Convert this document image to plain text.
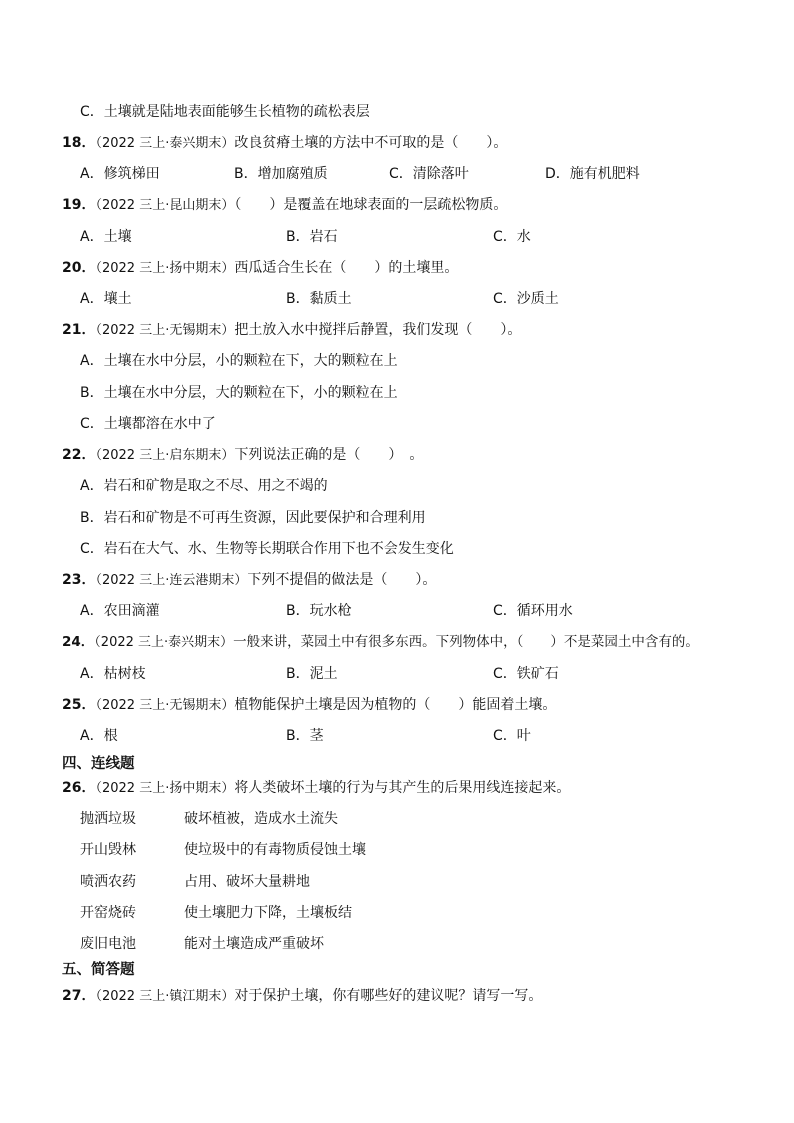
C．土壤就是陆地表面能够生长植物的疏松表层
18．（2022 三上·泰兴期末）改良贫瘠土壤的方法中不可取的是（　　）。
A．修筑梯田	B．增加腐殖质	C．清除落叶	D．施有机肥料
19．（2022 三上·昆山期末）（　　）是覆盖在地球表面的一层疏松物质。
A．土壤	B．岩石	C．水
20．（2022 三上·扬中期末）西瓜适合生长在（　　）的土壤里。
A．壤土	B．黏质土	C．沙质土
21．（2022 三上·无锡期末）把土放入水中搅拌后静置，我们发现（　　）。
A．土壤在水中分层，小的颗粒在下，大的颗粒在上
B．土壤在水中分层，大的颗粒在下，小的颗粒在上
C．土壤都溶在水中了
22．（2022 三上·启东期末）下列说法正确的是（　　）　。
A．岩石和矿物是取之不尽、用之不竭的
B．岩石和矿物是不可再生资源，因此要保护和合理利用
C．岩石在大气、水、生物等长期联合作用下也不会发生变化
23．（2022 三上·连云港期末）下列不提倡的做法是（　　）。
A．农田滴灌	B．玩水枪	C．循环用水
24．（2022 三上·泰兴期末）一般来讲，菜园土中有很多东西。下列物体中，（　　）不是菜园土中含有的。
A．枯树枝	B．泥土	C．铁矿石
25．（2022 三上·无锡期末）植物能保护土壤是因为植物的（　　）能固着土壤。
A．根	B．茎	C．叶
四、连线题
26．（2022 三上·扬中期末）将人类破坏土壤的行为与其产生的后果用线连接起来。
抛洒垃圾	破坏植被，造成水土流失
开山毁林	使垃圾中的有毒物质侵蚀土壤
喷洒农药	占用、破坏大量耕地
开窑烧砖	使土壤肥力下降，土壤板结
废旧电池	能对土壤造成严重破坏
五、简答题
27．（2022 三上·镇江期末）对于保护土壤，你有哪些好的建议呢？请写一写。
